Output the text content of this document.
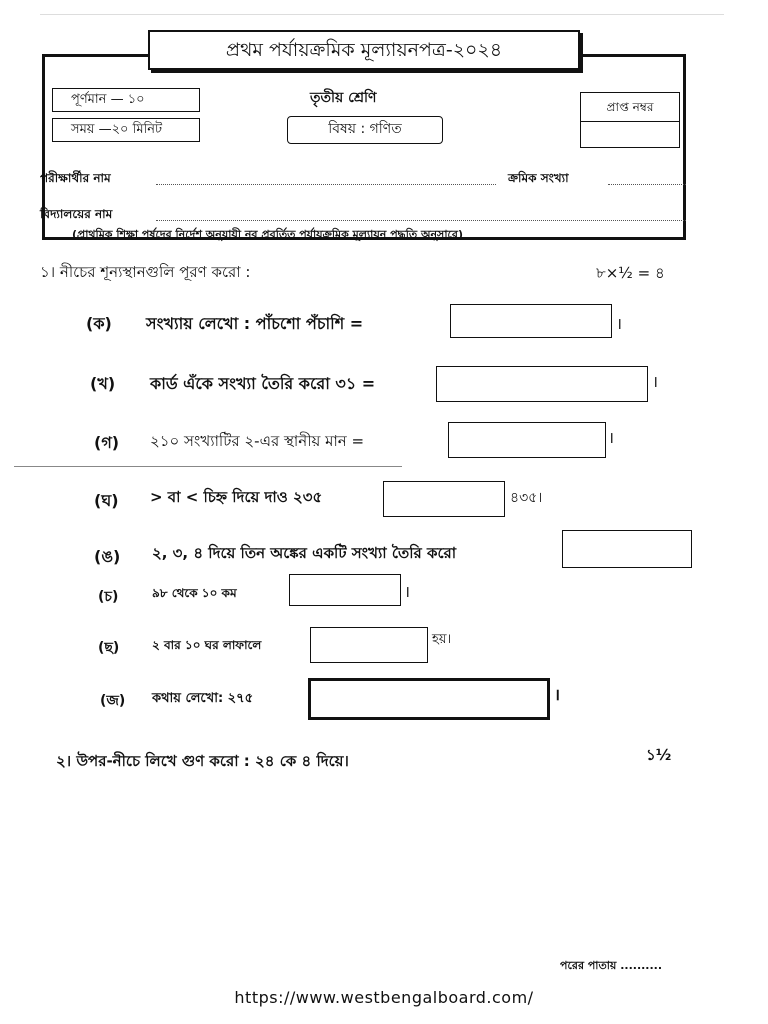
প্রথম পর্যায়ক্রমিক মূল্যায়নপত্র-২০২৪
পূর্ণমান — ১০
সময় —২০ মিনিট
তৃতীয় শ্রেণি
বিষয় : গণিত
প্রাপ্ত নম্বর
পরীক্ষার্থীর নাম	ক্রমিক সংখ্যা
বিদ্যালয়ের নাম
(প্রাথমিক শিক্ষা পর্ষদের নির্দেশ অনুযায়ী নব প্রবর্তিত পর্যায়ক্রমিক মূল্যায়ন পদ্ধতি অনুসারে)
১। নীচের শূন্যস্থানগুলি পূরণ করো :	৮×½ = ৪
(ক) সংখ্যায় লেখো : পাঁচশো পঁচাশি =	।
(খ) কার্ড এঁকে সংখ্যা তৈরি করো ৩১ =	।
(গ) ২১০ সংখ্যাটির ২-এর স্থানীয় মান =	।
(ঘ) > বা < চিহ্ন দিয়ে দাও ২৩৫	৪৩৫।
(ঙ) ২, ৩, ৪ দিয়ে তিন অঙ্কের একটি সংখ্যা তৈরি করো
(চ)	৯৮ থেকে ১০ কম	।
(ছ)	২ বার ১০ ঘর লাফালে	হয়।
(জ) কথায় লেখো: ২৭৫	।
২। উপর-নীচে লিখে গুণ করো : ২৪ কে ৪ দিয়ে।	১½
পরের পাতায় ..........
https://www.westbengalboard.com/
